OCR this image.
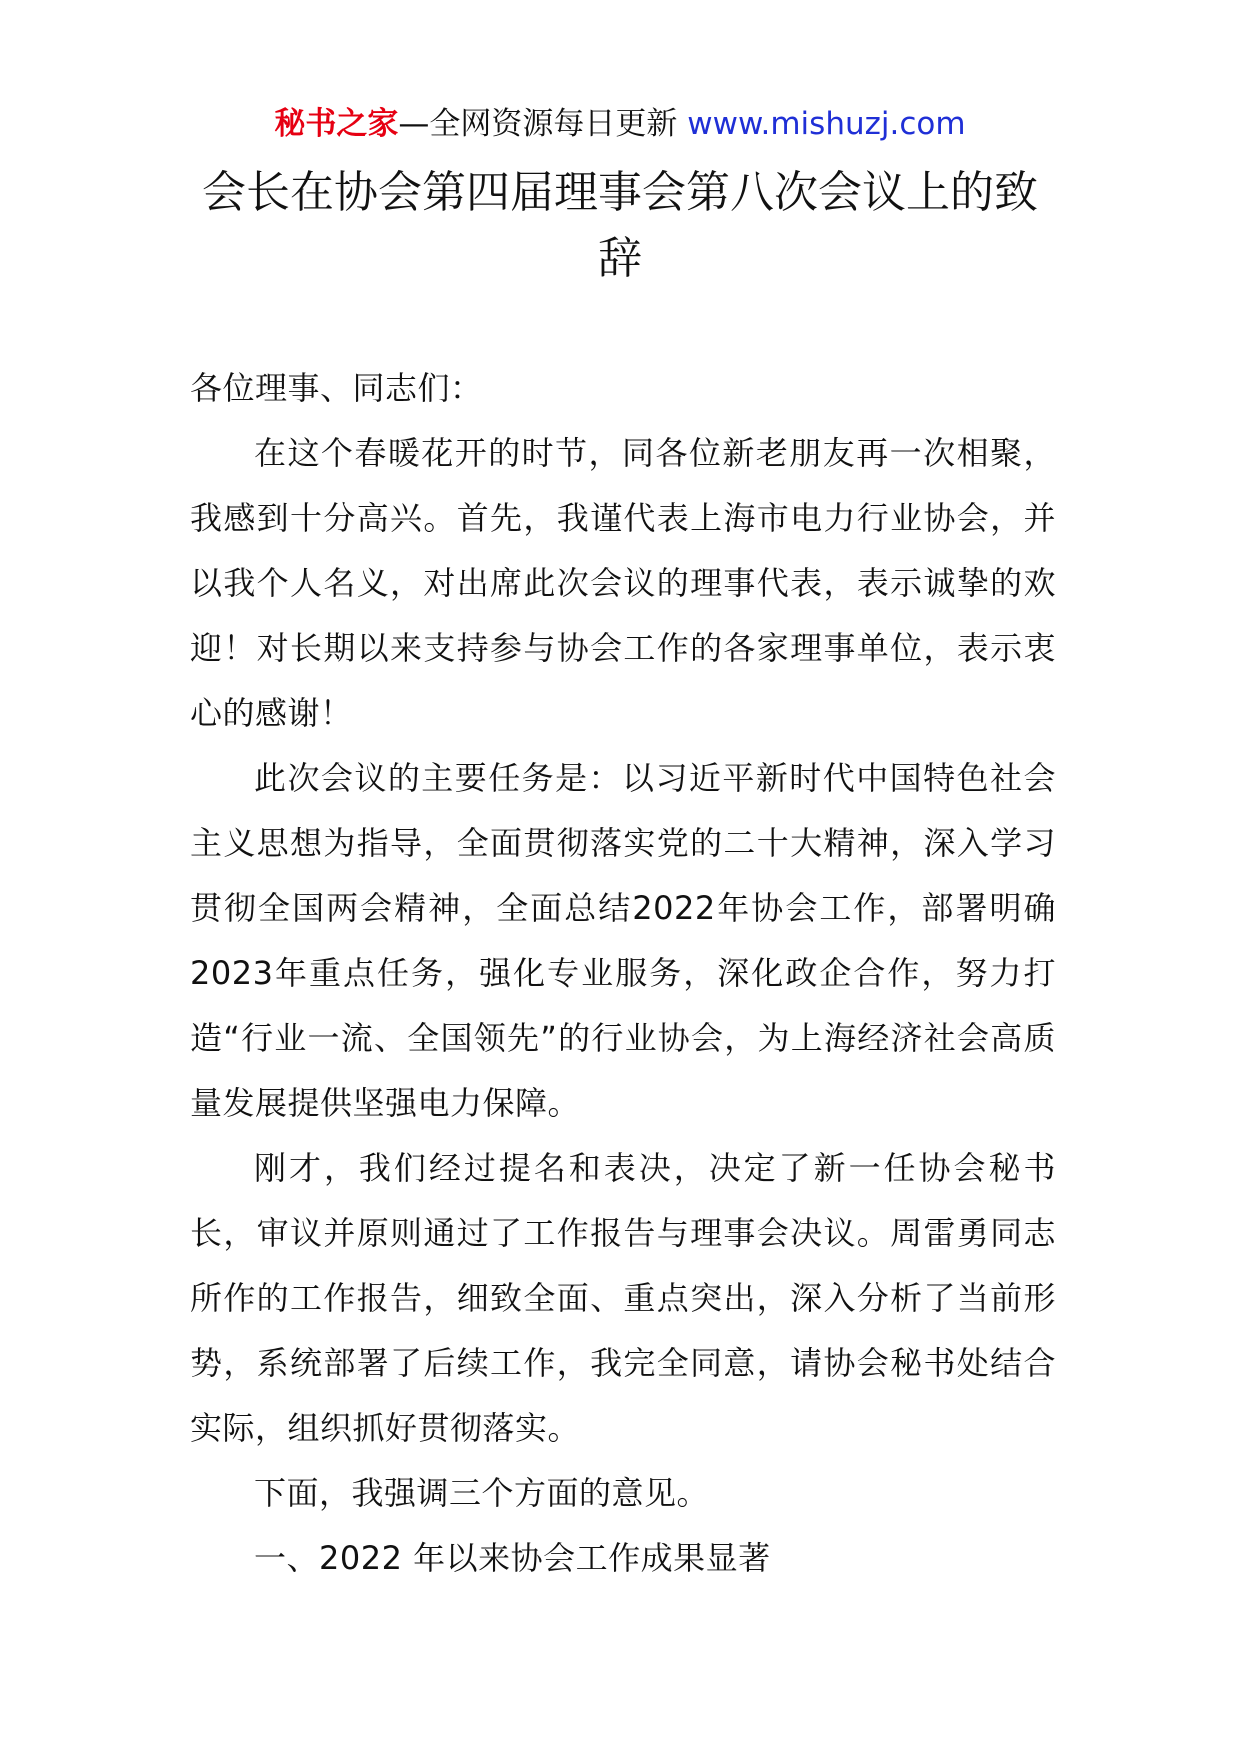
秘书之家—全网资源每日更新 www.mishuzj.com
会长在协会第四届理事会第八次会议上的致辞

各位理事、同志们：

在这个春暖花开的时节，同各位新老朋友再一次相聚，我感到十分高兴。首先，我谨代表上海市电力行业协会，并以我个人名义，对出席此次会议的理事代表，表示诚挚的欢迎！对长期以来支持参与协会工作的各家理事单位，表示衷心的感谢！

此次会议的主要任务是：以习近平新时代中国特色社会主义思想为指导，全面贯彻落实党的二十大精神，深入学习贯彻全国两会精神，全面总结2022年协会工作，部署明确2023年重点任务，强化专业服务，深化政企合作，努力打造“行业一流、全国领先”的行业协会，为上海经济社会高质量发展提供坚强电力保障。

刚才，我们经过提名和表决，决定了新一任协会秘书长，审议并原则通过了工作报告与理事会决议。周雷勇同志所作的工作报告，细致全面、重点突出，深入分析了当前形势，系统部署了后续工作，我完全同意，请协会秘书处结合实际，组织抓好贯彻落实。

下面，我强调三个方面的意见。

一、2022 年以来协会工作成果显著
